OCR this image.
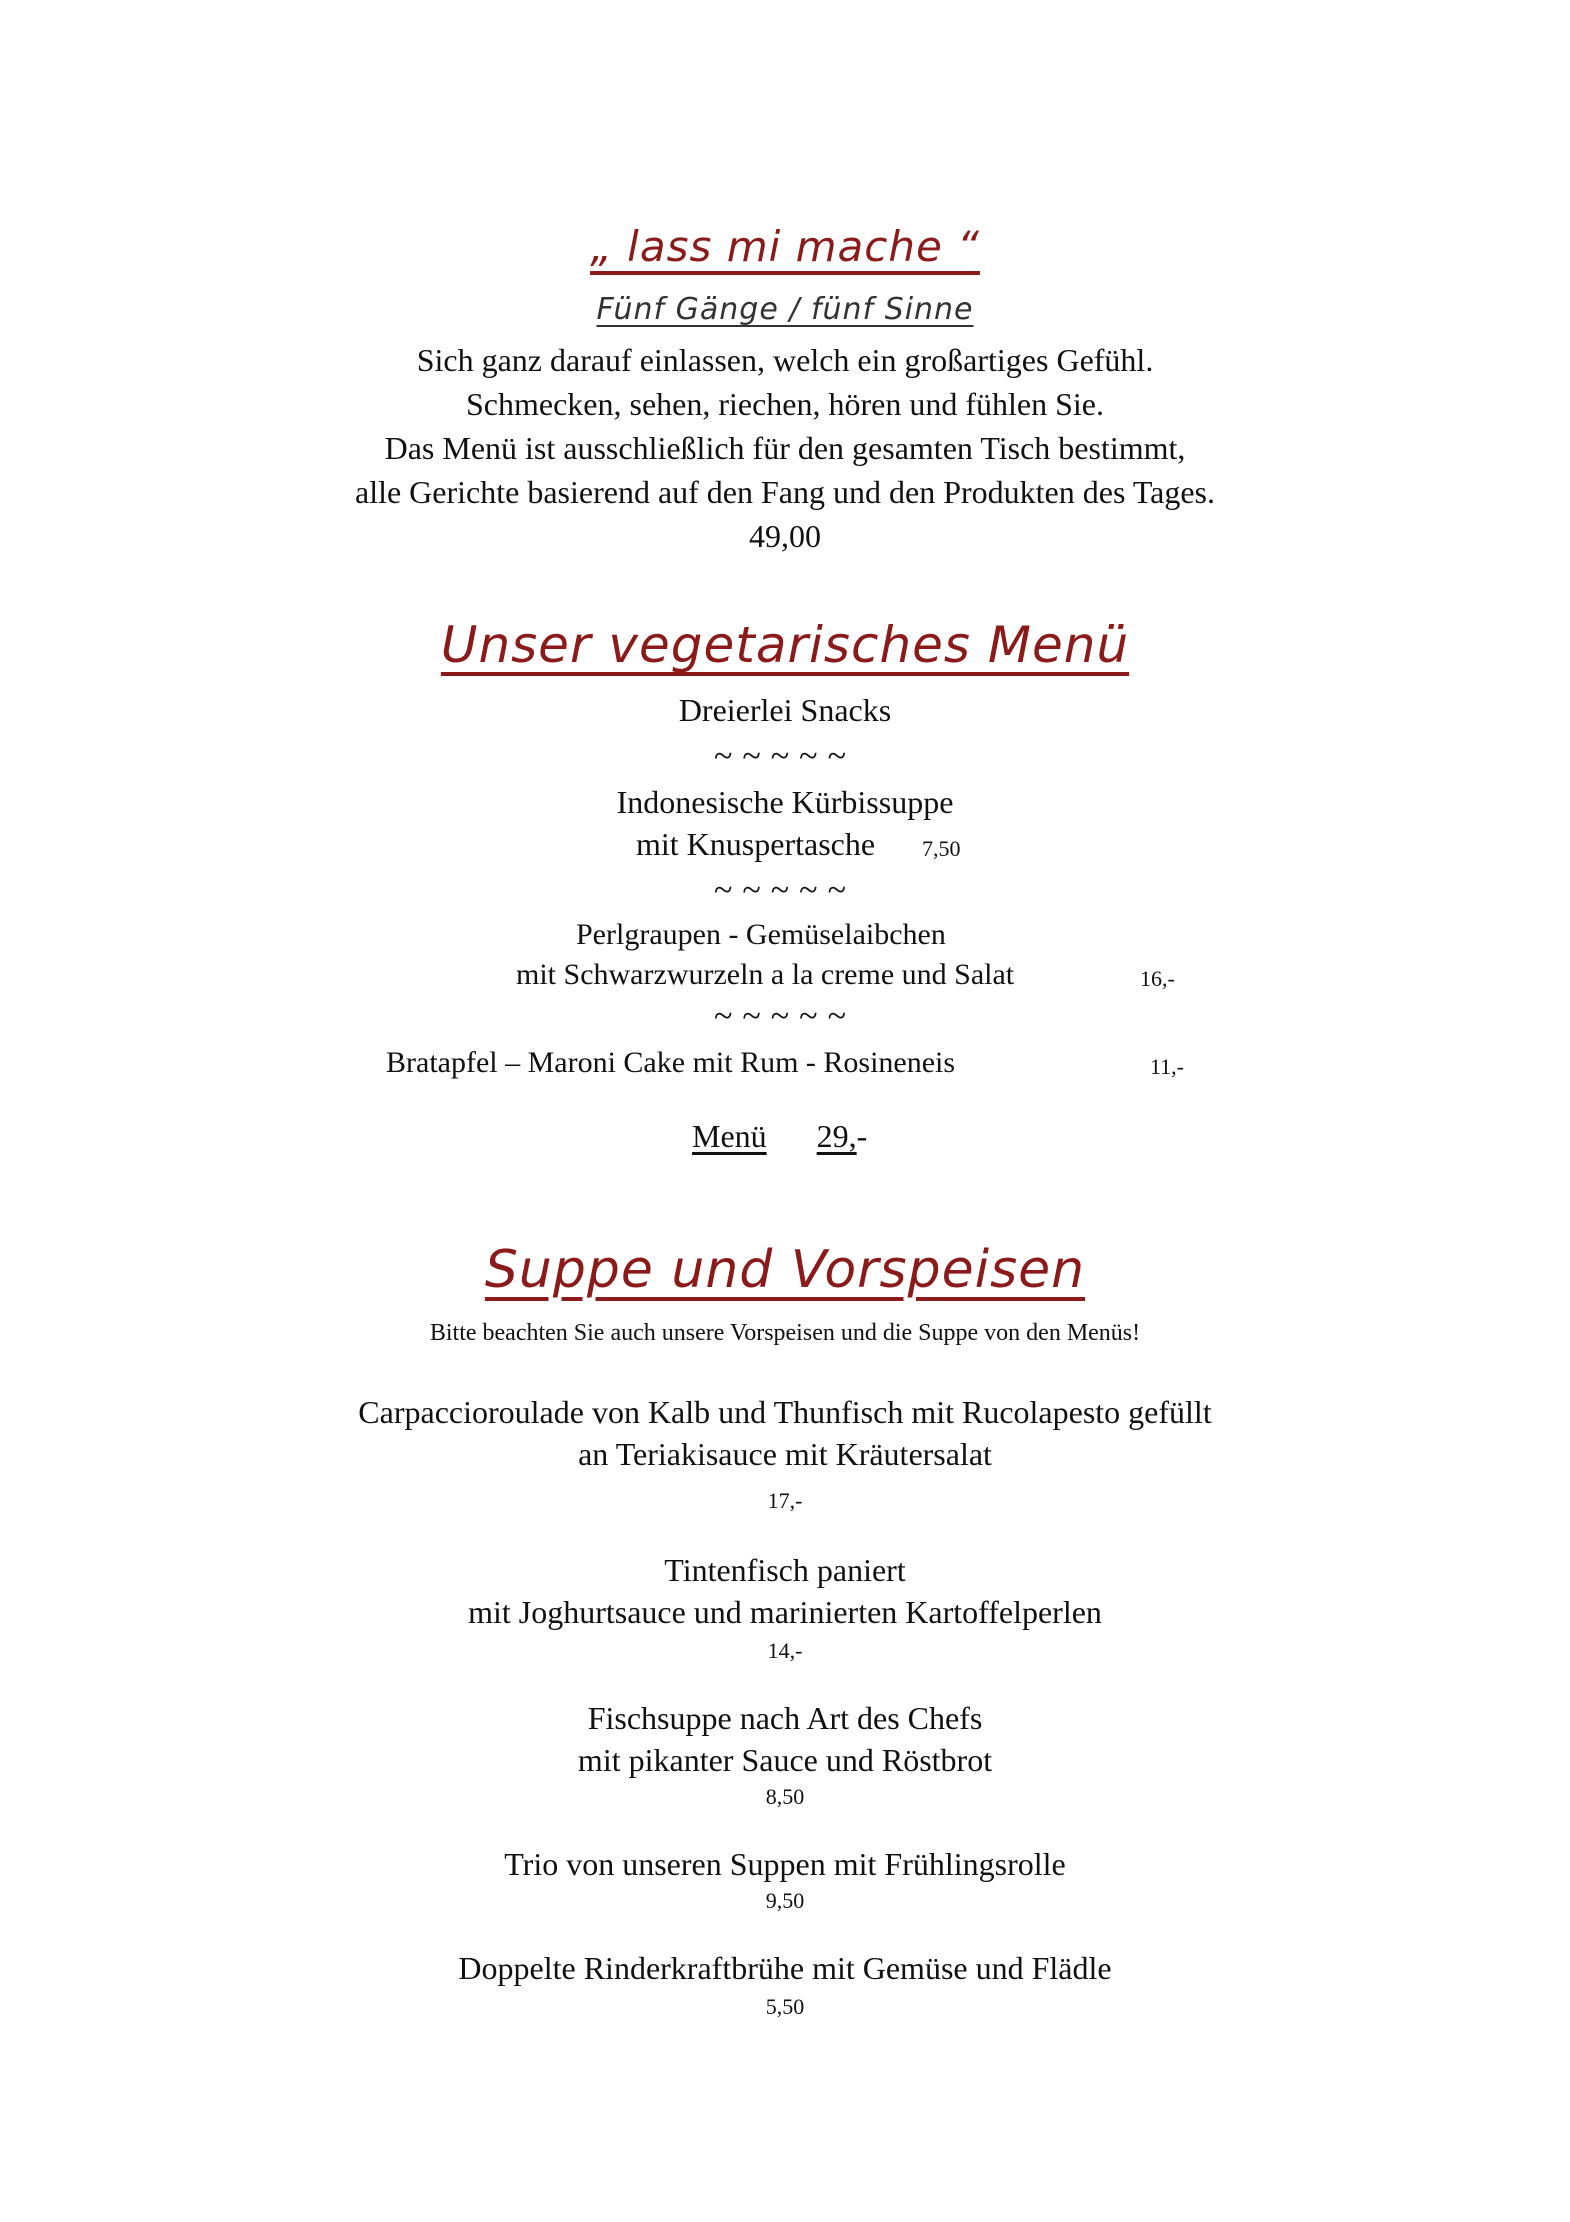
„ lass mi mache “
Fünf Gänge / fünf Sinne
Sich ganz darauf einlassen, welch ein großartiges Gefühl.
Schmecken, sehen, riechen, hören und fühlen Sie.
Das Menü ist ausschließlich für den gesamten Tisch bestimmt,
alle Gerichte basierend auf den Fang und den Produkten des Tages.
49,00
Unser vegetarisches Menü
Dreierlei Snacks
~~~~~
Indonesische Kürbissuppe
mit Knuspertasche 7,50
~~~~~
Perlgraupen - Gemüselaibchen
mit Schwarzwurzeln a la creme und Salat	16,-
~~~~~
Bratapfel – Maroni Cake mit Rum - Rosineneis	11,-
Menü 29,-
Suppe und Vorspeisen
Bitte beachten Sie auch unsere Vorspeisen und die Suppe von den Menüs!
Carpaccioroulade von Kalb und Thunfisch mit Rucolapesto gefüllt
an Teriakisauce mit Kräutersalat
17,-
Tintenfisch paniert
mit Joghurtsauce und marinierten Kartoffelperlen
14,-
Fischsuppe nach Art des Chefs
mit pikanter Sauce und Röstbrot
8,50
Trio von unseren Suppen mit Frühlingsrolle
9,50
Doppelte Rinderkraftbrühe mit Gemüse und Flädle
5,50
